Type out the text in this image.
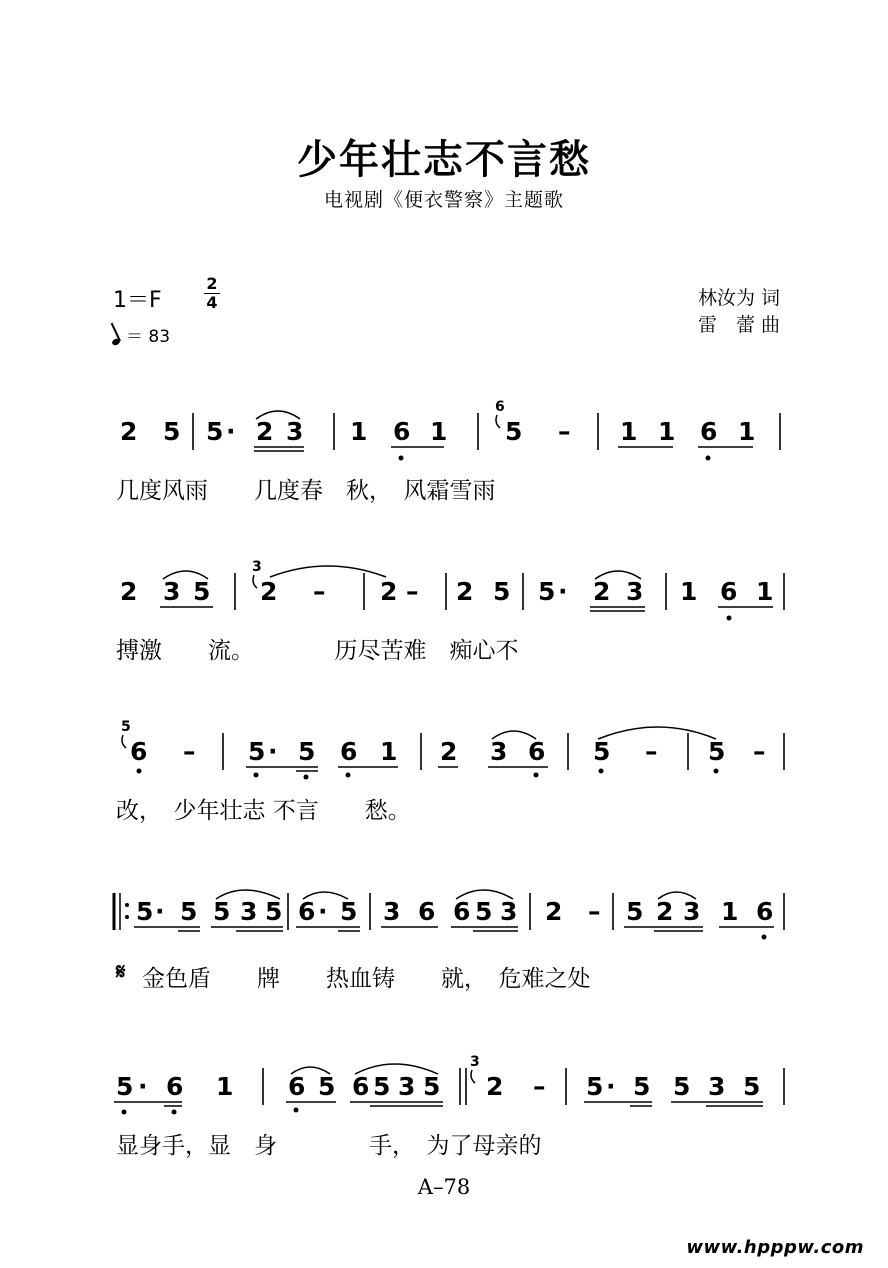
少年壮志不言愁
电视剧《便衣警察》主题歌
1＝F
2
4
＝ 83
林汝为 词
雷　蕾 曲
2 5 5 · 2 3 1 6 1 5 – 1 1 6 1
6
几度风雨　　几度春　秋，　风霜雪雨
2 3 5 2 – 2 – 2 5 5 · 2 3 1 6 1
3
搏激　　流。　　　　历尽苦难　痴心不
6 – 5 · 5 6 1 2 3 6 5 – 5 –
5
改，　少年壮志 不言　　愁。
5 · 5 5 3 5 6 · 5 3 6 6 5 3 2 – 5 2 3 1 6
𝄋 金色盾　　牌　　热血铸　　就，　危难之处
5 · 6 1 6 5 6 5 3 5 2 – 5 · 5 5 3 5
3
显身手，显　身　　　　手，　为了母亲的
A–78
www.hpppw.com
